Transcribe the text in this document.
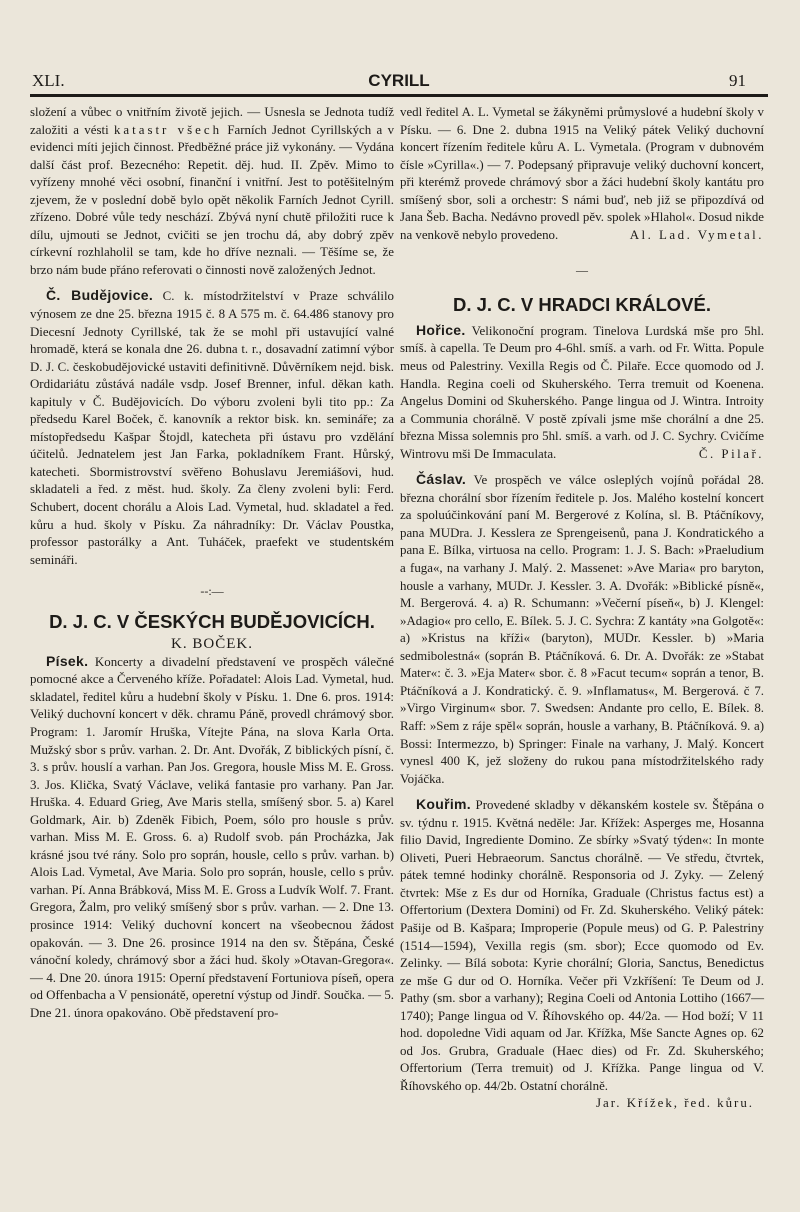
XLI.	CYRILL	91

složení a vůbec o vnitřním životě jejich. — Usnesla se Jednota tudíž založiti a vésti katastr všech Farních Jednot Cyrillských a v evidenci míti jejich činnost. Předběžné práce již vykonány. — Vydána další část prof. Bezecného: Repetit. děj. hud. II. Zpěv. Mimo to vyřízeny mnohé věci osobní, finanční i vnitřní. Jest to potěšitelným zjevem, že v poslední době bylo opět několik Farních Jednot Cyrill. zřízeno. Dobré vůle tedy neschází. Zbývá nyní chutě přiložiti ruce k dílu, ujmouti se Jednot, cvičiti se jen trochu dá, aby dobrý zpěv církevní rozhlaholil se tam, kde ho dříve neznali. — Těšíme se, že brzo nám bude přáno referovati o činnosti nově založených Jednot.

Č. Budějovice. C. k. místodržitelství v Praze schválilo výnosem ze dne 25. března 1915 č. 8 A 575 m. č. 64.486 stanovy pro Diecesní Jednoty Cyrillské, tak že se mohl při ustavující valné hromadě, která se konala dne 26. dubna t. r., dosavadní zatimní výbor D. J. C. českobudějovické ustaviti definitivně. Důvěrníkem nejd. bisk. Ordidariátu zůstává nadále vsdp. Josef Brenner, inful. děkan kath. kapituly v Č. Budějovicích. Do výboru zvoleni byli tito pp.: Za předsedu Karel Boček, č. kanovník a rektor bisk. kn. semináře; za místopředsedu Kašpar Štojdl, katecheta při ústavu pro vzdělání účitelů. Jednatelem jest Jan Farka, pokladníkem Frant. Hůrský, katecheti. Sbormistrovství svěřeno Bohuslavu Jeremiášovi, hud. skladateli a řed. z měst. hud. školy. Za členy zvoleni byli: Ferd. Schubert, docent chorálu a Alois Lad. Vymetal, hud. skladatel a řed. kůru a hud. školy v Písku. Za náhradníky: Dr. Václav Poustka, professor pastorálky a Ant. Tuháček, praefekt ve studentském semináři.

--:—
D. J. C. V ČESKÝCH BUDĚJOVICÍCH.
K. BOČEK.

Písek. Koncerty a divadelní představení ve prospěch válečné pomocné akce a Červeného kříže. Pořadatel: Alois Lad. Vymetal, hud. skladatel, ředitel kůru a hudební školy v Písku. 1. Dne 6. pros. 1914: Veliký duchovní koncert v děk. chramu Páně, provedl chrámový sbor. Program: 1. Jaromír Hruška, Vítejte Pána, na slova Karla Orta. Mužský sbor s prův. varhan. 2. Dr. Ant. Dvořák, Z biblických písní, č. 3. s prův. houslí a varhan. Pan Jos. Gregora, housle Miss M. E. Gross. 3. Jos. Klička, Svatý Václave, veliká fantasie pro varhany. Pan Jar. Hruška. 4. Eduard Grieg, Ave Maris stella, smíšený sbor. 5. a) Karel Goldmark, Air. b) Zdeněk Fibich, Poem, sólo pro housle s prův. varhan. Miss M. E. Gross. 6. a) Rudolf svob. pán Procházka, Jak krásné jsou tvé rány. Solo pro soprán, housle, cello s prův. varhan. b) Alois Lad. Vymetal, Ave Maria. Solo pro soprán, housle, cello s prův. varhan. Pí. Anna Brábková, Miss M. E. Gross a Ludvík Wolf. 7. Frant. Gregora, Žalm, pro veliký smíšený sbor s prův. varhan. — 2. Dne 13. prosince 1914: Veliký duchovní koncert na všeobecnou žádost opakován. — 3. Dne 26. prosince 1914 na den sv. Štěpána, České vánoční koledy, chrámový sbor a žáci hud. školy »Otavan-Gregora«. — 4. Dne 20. února 1915: Operní představení Fortuniova píseň, opera od Offenbacha a V pensionátě, operetní výstup od Jindř. Součka. — 5. Dne 21. února opakováno. Obě představení pro-

vedl ředitel A. L. Vymetal se žákyněmi průmyslové a hudební školy v Písku. — 6. Dne 2. dubna 1915 na Veliký pátek Veliký duchovní koncert řízením ředitele kůru A. L. Vymetala. (Program v dubnovém čísle »Cyrilla«.) — 7. Podepsaný připravuje veliký duchovní koncert, při kterémž provede chrámový sbor a žáci hudební školy kantátu pro smíšený sbor, soli a orchestr: S námi buď, neb již se připozdívá od Jana Šeb. Bacha. Nedávno provedl pěv. spolek »Hlahol«. Dosud nikde na venkově nebylo provedeno.	Al. Lad. Vymetal.

—
D. J. C. V HRADCI KRÁLOVÉ.

Hořice. Velikonoční program. Tinelova Lurdská mše pro 5hl. smíš. à capella. Te Deum pro 4-6hl. smíš. a varh. od Fr. Witta. Popule meus od Palestriny. Vexilla Regis od Č. Pilaře. Ecce quomodo od J. Handla. Regina coeli od Skuherského. Terra tremuit od Koenena. Angelus Domini od Skuherského. Pange lingua od J. Wintra. Introity a Communia chorálně. V postě zpívali jsme mše chorální a dne 25. března Missa solemnis pro 5hl. smíš. a varh. od J. C. Sychry. Cvičíme Wintrovu mši De Immaculata.	Č. Pilař.

Čáslav. Ve prospěch ve válce osleplých vojínů pořádal 28. března chorální sbor řízením ředitele p. Jos. Malého kostelní koncert za spoluúčinkování paní M. Bergerové z Kolína, sl. B. Ptáčníkovy, pana MUDra. J. Kesslera ze Sprengeisenů, pana J. Kondratického a pana E. Bílka, virtuosa na cello. Program: 1. J. S. Bach: »Praeludium a fuga«, na varhany J. Malý. 2. Massenet: »Ave Maria« pro baryton, housle a varhany, MUDr. J. Kessler. 3. A. Dvořák: »Biblické písně«, M. Bergerová. 4. a) R. Schumann: »Večerní píseň«, b) J. Klengel: »Adagio« pro cello, E. Bílek. 5. J. C. Sychra: Z kantáty »na Golgotě«: a) »Kristus na kříži« (baryton), MUDr. Kessler. b) »Maria sedmibolestná« (soprán B. Ptáčníková. 6. Dr. A. Dvořák: ze »Stabat Mater«: č. 3. »Eja Mater« sbor. č. 8 »Facut tecum« soprán a tenor, B. Ptáčníková a J. Kondratický. č. 9. »Inflamatus«, M. Bergerová. č 7. »Virgo Virginum« sbor. 7. Swedsen: Andante pro cello, E. Bílek. 8. Raff: »Sem z ráje spěl« soprán, housle a varhany, B. Ptáčníková. 9. a) Bossi: Intermezzo, b) Springer: Finale na varhany, J. Malý. Koncert vynesl 400 K, jež složeny do rukou pana místodržitelského rady Vojáčka.

Kouřim. Provedené skladby v děkanském kostele sv. Štěpána o sv. týdnu r. 1915. Květná neděle: Jar. Křížek: Asperges me, Hosanna filio David, Ingrediente Domino. Ze sbírky »Svatý týden«: In monte Oliveti, Pueri Hebraeorum. Sanctus chorálně. — Ve středu, čtvrtek, pátek temné hodinky chorálně. Responsoria od J. Zyky. — Zelený čtvrtek: Mše z Es dur od Horníka, Graduale (Christus factus est) a Offertorium (Dextera Domini) od Fr. Zd. Skuherského. Veliký pátek: Pašije od B. Kašpara; Improperie (Popule meus) od G. P. Palestriny (1514—1594), Vexilla regis (sm. sbor); Ecce quomodo od Ev. Zelinky. — Bílá sobota: Kyrie chorální; Gloria, Sanctus, Benedictus ze mše G dur od O. Horníka. Večer při Vzkříšení: Te Deum od J. Pathy (sm. sbor a varhany); Regina Coeli od Antonia Lottiho (1667—1740); Pange lingua od V. Říhovského op. 44/2a. — Hod boží; V 11 hod. dopoledne Vidi aquam od Jar. Křížka, Mše Sancte Agnes op. 62 od Jos. Grubra, Graduale (Haec dies) od Fr. Zd. Skuherského; Offertorium (Terra tremuit) od J. Křížka. Pange lingua od V. Říhovského op. 44/2b. Ostatní chorálně.

Jar. Křížek, řed. kůru.
